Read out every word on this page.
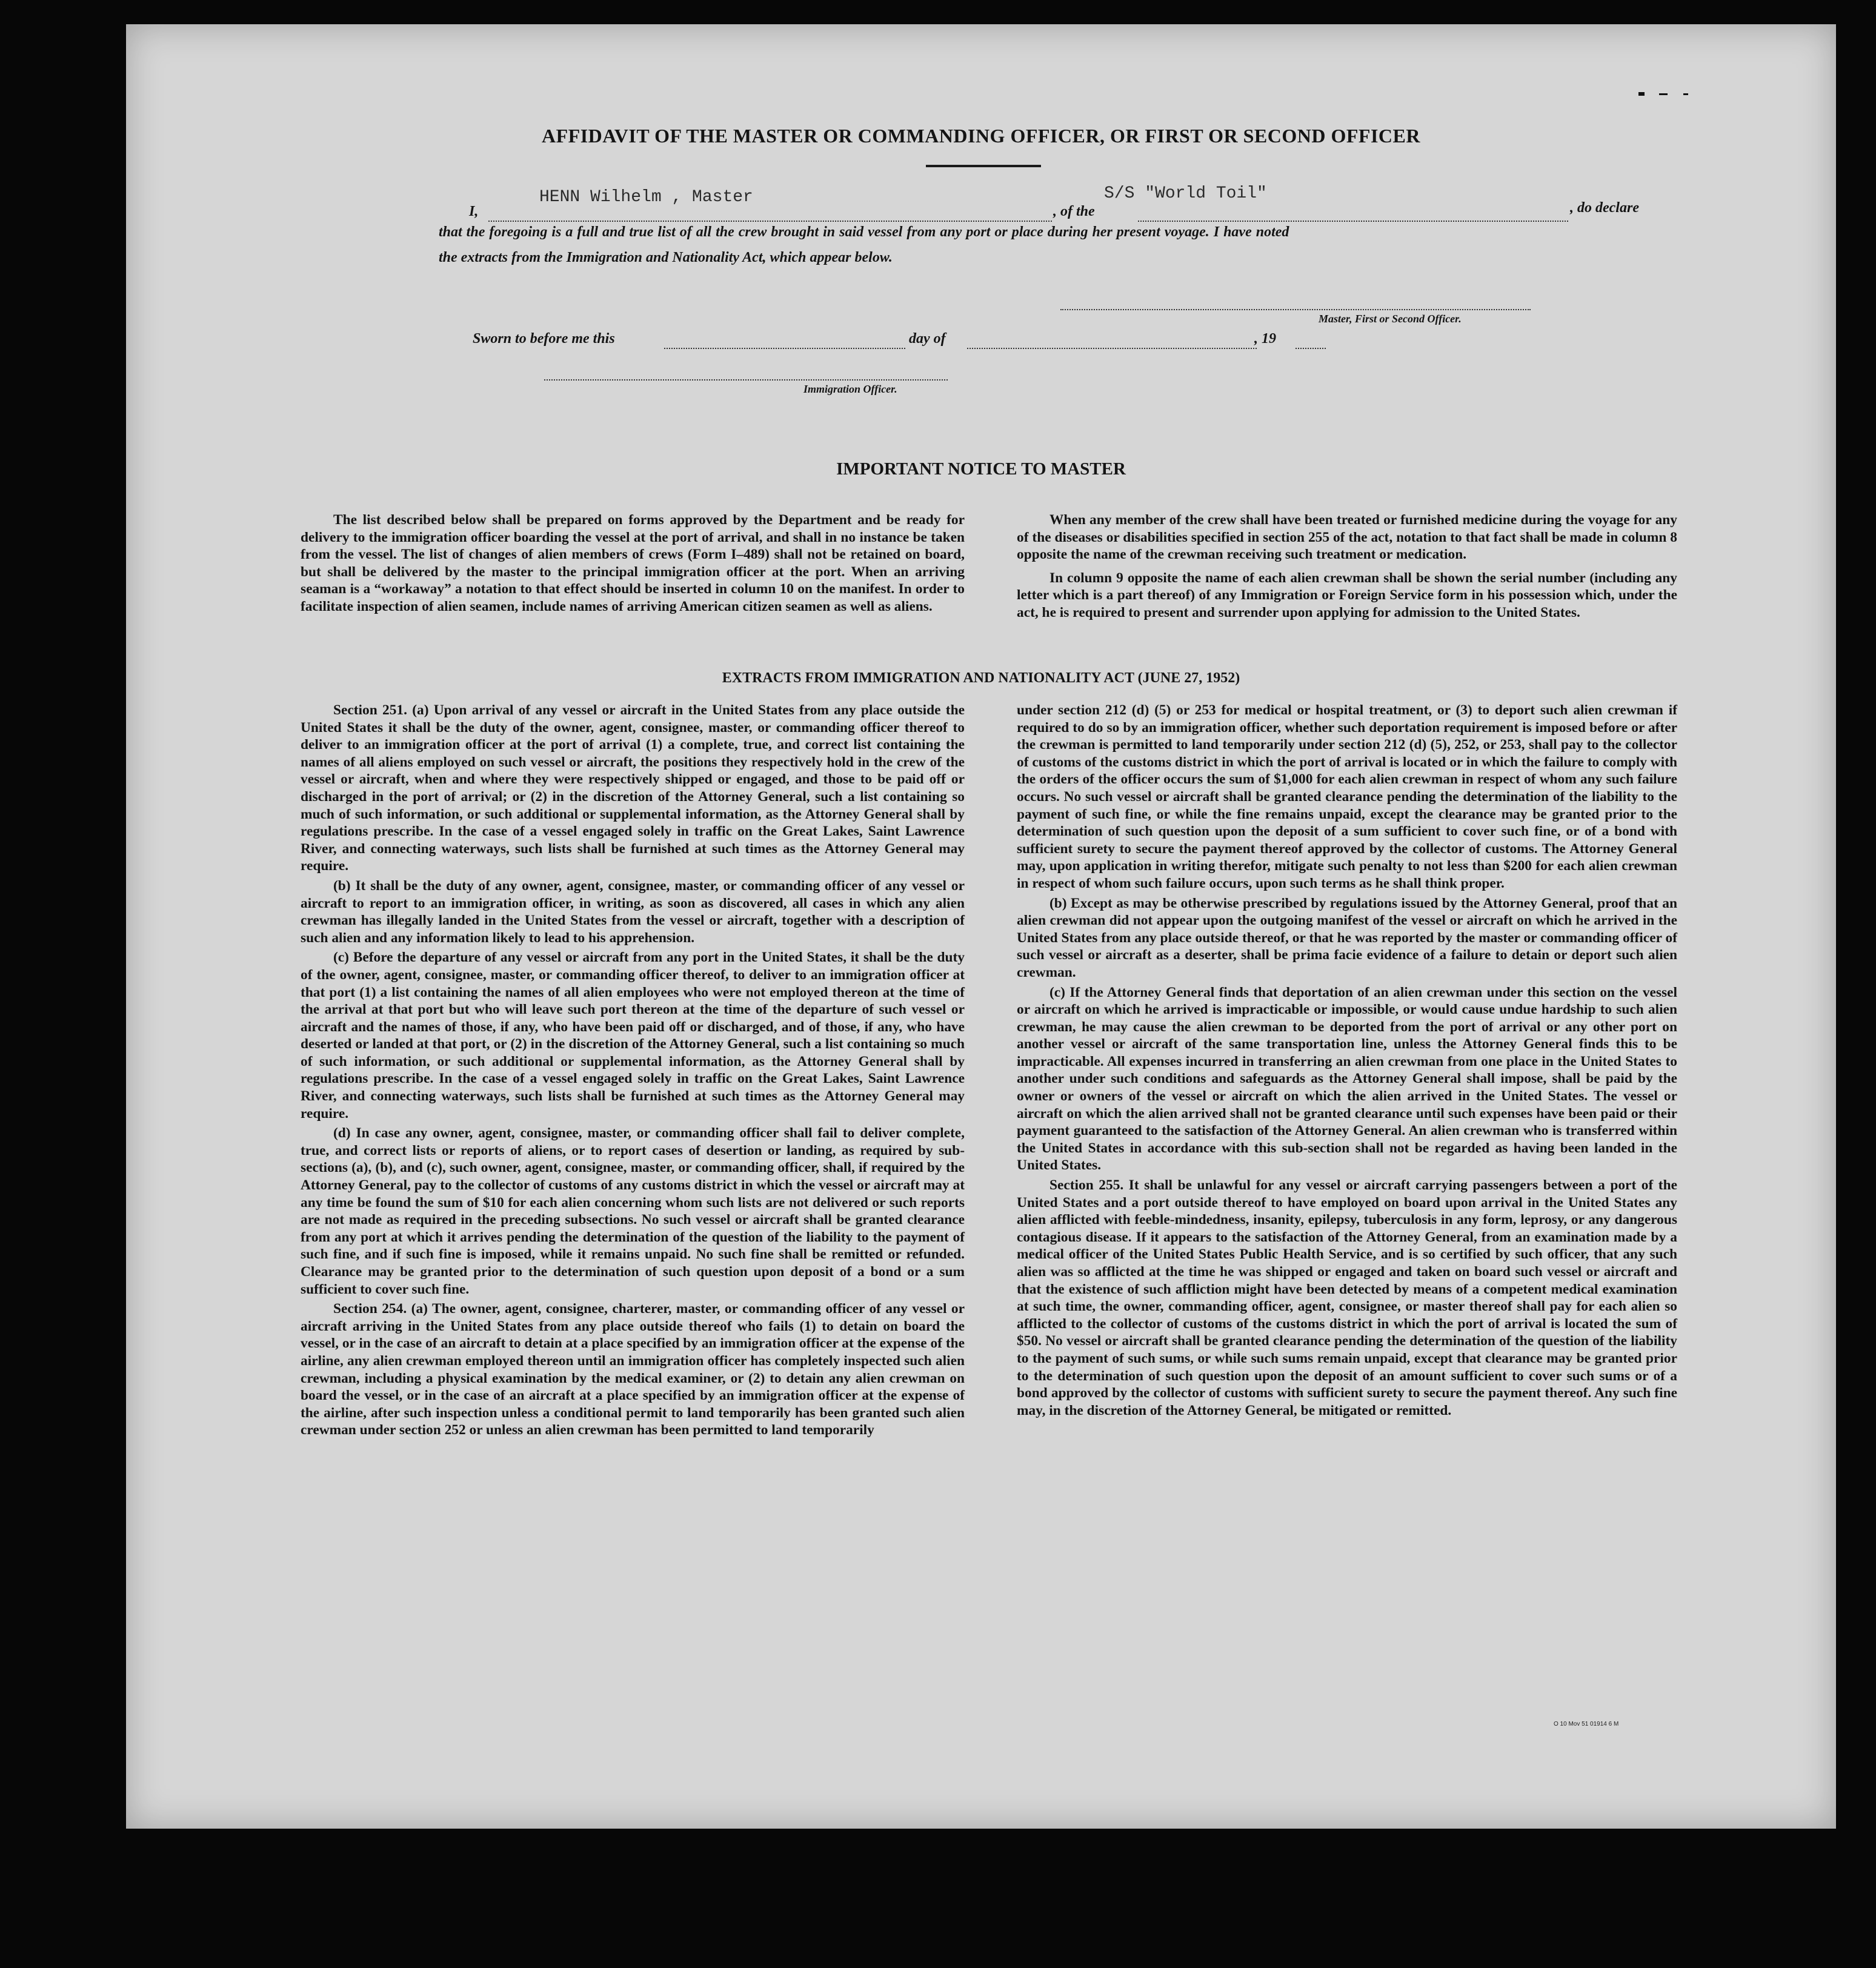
AFFIDAVIT OF THE MASTER OR COMMANDING OFFICER, OR FIRST OR SECOND OFFICER
I,
HENN Wilhelm , Master
, of the
S/S "World Toil"
, do declare
that the foregoing is a full and true list of all the crew brought in said vessel from any port or place during her present voyage. I have noted
the extracts from the Immigration and Nationality Act, which appear below.
Master, First or Second Officer.
Sworn to before me this	day of	, 19
Immigration Officer.
IMPORTANT NOTICE TO MASTER

The list described below shall be prepared on forms approved by the Department and be ready for delivery to the immigration officer boarding the vessel at the port of arrival, and shall in no instance be taken from the vessel. The list of changes of alien members of crews (Form I–489) shall not be retained on board, but shall be delivered by the master to the principal immigration officer at the port. When an arriving seaman is a “workaway” a notation to that effect should be inserted in column 10 on the manifest. In order to facilitate inspection of alien seamen, include names of arriving American citizen seamen as well as aliens.

When any member of the crew shall have been treated or furnished medicine during the voyage for any of the diseases or disabilities specified in section 255 of the act, notation to that fact shall be made in column 8 opposite the name of the crewman receiving such treatment or medication.

In column 9 opposite the name of each alien crewman shall be shown the serial number (including any letter which is a part thereof) of any Immigration or Foreign Service form in his possession which, under the act, he is required to present and surrender upon applying for admission to the United States.

EXTRACTS FROM IMMIGRATION AND NATIONALITY ACT (JUNE 27, 1952)

Section 251. (a) Upon arrival of any vessel or aircraft in the United States from any place outside the United States it shall be the duty of the owner, agent, consignee, master, or commanding officer thereof to deliver to an immigration officer at the port of arrival (1) a complete, true, and correct list containing the names of all aliens employed on such vessel or aircraft, the positions they respectively hold in the crew of the vessel or aircraft, when and where they were respectively shipped or engaged, and those to be paid off or discharged in the port of arrival; or (2) in the discretion of the Attorney General, such a list containing so much of such information, or such additional or supplemental information, as the Attorney General shall by regulations prescribe. In the case of a vessel engaged solely in traffic on the Great Lakes, Saint Lawrence River, and connecting waterways, such lists shall be furnished at such times as the Attorney General may require.

(b) It shall be the duty of any owner, agent, consignee, master, or commanding officer of any vessel or aircraft to report to an immigration officer, in writing, as soon as discovered, all cases in which any alien crewman has illegally landed in the United States from the vessel or aircraft, together with a description of such alien and any information likely to lead to his apprehension.

(c) Before the departure of any vessel or aircraft from any port in the United States, it shall be the duty of the owner, agent, consignee, master, or commanding officer thereof, to deliver to an immigration officer at that port (1) a list containing the names of all alien employees who were not employed thereon at the time of the arrival at that port but who will leave such port thereon at the time of the departure of such vessel or aircraft and the names of those, if any, who have been paid off or discharged, and of those, if any, who have deserted or landed at that port, or (2) in the discretion of the Attorney General, such a list containing so much of such information, or such additional or supplemental information, as the Attorney General shall by regulations prescribe. In the case of a vessel engaged solely in traffic on the Great Lakes, Saint Lawrence River, and connecting waterways, such lists shall be furnished at such times as the Attorney General may require.

(d) In case any owner, agent, consignee, master, or commanding officer shall fail to deliver complete, true, and correct lists or reports of aliens, or to report cases of desertion or landing, as required by sub-sections (a), (b), and (c), such owner, agent, consignee, master, or commanding officer, shall, if required by the Attorney General, pay to the collector of customs of any customs district in which the vessel or aircraft may at any time be found the sum of $10 for each alien concerning whom such lists are not delivered or such reports are not made as required in the preceding subsections. No such vessel or aircraft shall be granted clearance from any port at which it arrives pending the determination of the question of the liability to the payment of such fine, and if such fine is imposed, while it remains unpaid. No such fine shall be remitted or refunded. Clearance may be granted prior to the determination of such question upon deposit of a bond or a sum sufficient to cover such fine.

Section 254. (a) The owner, agent, consignee, charterer, master, or commanding officer of any vessel or aircraft arriving in the United States from any place outside thereof who fails (1) to detain on board the vessel, or in the case of an aircraft to detain at a place specified by an immigration officer at the expense of the airline, any alien crewman employed thereon until an immigration officer has completely inspected such alien crewman, including a physical examination by the medical examiner, or (2) to detain any alien crewman on board the vessel, or in the case of an aircraft at a place specified by an immigration officer at the expense of the airline, after such inspection unless a conditional permit to land temporarily has been granted such alien crewman under section 252 or unless an alien crewman has been permitted to land temporarily

under section 212 (d) (5) or 253 for medical or hospital treatment, or (3) to deport such alien crewman if required to do so by an immigration officer, whether such deportation requirement is imposed before or after the crewman is permitted to land temporarily under section 212 (d) (5), 252, or 253, shall pay to the collector of customs of the customs district in which the port of arrival is located or in which the failure to comply with the orders of the officer occurs the sum of $1,000 for each alien crewman in respect of whom any such failure occurs. No such vessel or aircraft shall be granted clearance pending the determination of the liability to the payment of such fine, or while the fine remains unpaid, except the clearance may be granted prior to the determination of such question upon the deposit of a sum sufficient to cover such fine, or of a bond with sufficient surety to secure the payment thereof approved by the collector of customs. The Attorney General may, upon application in writing therefor, mitigate such penalty to not less than $200 for each alien crewman in respect of whom such failure occurs, upon such terms as he shall think proper.

(b) Except as may be otherwise prescribed by regulations issued by the Attorney General, proof that an alien crewman did not appear upon the outgoing manifest of the vessel or aircraft on which he arrived in the United States from any place outside thereof, or that he was reported by the master or commanding officer of such vessel or aircraft as a deserter, shall be prima facie evidence of a failure to detain or deport such alien crewman.

(c) If the Attorney General finds that deportation of an alien crewman under this section on the vessel or aircraft on which he arrived is impracticable or impossible, or would cause undue hardship to such alien crewman, he may cause the alien crewman to be deported from the port of arrival or any other port on another vessel or aircraft of the same transportation line, unless the Attorney General finds this to be impracticable. All expenses incurred in transferring an alien crewman from one place in the United States to another under such conditions and safeguards as the Attorney General shall impose, shall be paid by the owner or owners of the vessel or aircraft on which the alien arrived in the United States. The vessel or aircraft on which the alien arrived shall not be granted clearance until such expenses have been paid or their payment guaranteed to the satisfaction of the Attorney General. An alien crewman who is transferred within the United States in accordance with this sub-section shall not be regarded as having been landed in the United States.

Section 255. It shall be unlawful for any vessel or aircraft carrying passengers between a port of the United States and a port outside thereof to have employed on board upon arrival in the United States any alien afflicted with feeble-mindedness, insanity, epilepsy, tuberculosis in any form, leprosy, or any dangerous contagious disease. If it appears to the satisfaction of the Attorney General, from an examination made by a medical officer of the United States Public Health Service, and is so certified by such officer, that any such alien was so afflicted at the time he was shipped or engaged and taken on board such vessel or aircraft and that the existence of such affliction might have been detected by means of a competent medical examination at such time, the owner, commanding officer, agent, consignee, or master thereof shall pay for each alien so afflicted to the collector of customs of the customs district in which the port of arrival is located the sum of $50. No vessel or aircraft shall be granted clearance pending the determination of the question of the liability to the payment of such sums, or while such sums remain unpaid, except that clearance may be granted prior to the determination of such question upon the deposit of an amount sufficient to cover such sums or of a bond approved by the collector of customs with sufficient surety to secure the payment thereof. Any such fine may, in the discretion of the Attorney General, be mitigated or remitted.

O 10 Mov 51 01914 6 M
